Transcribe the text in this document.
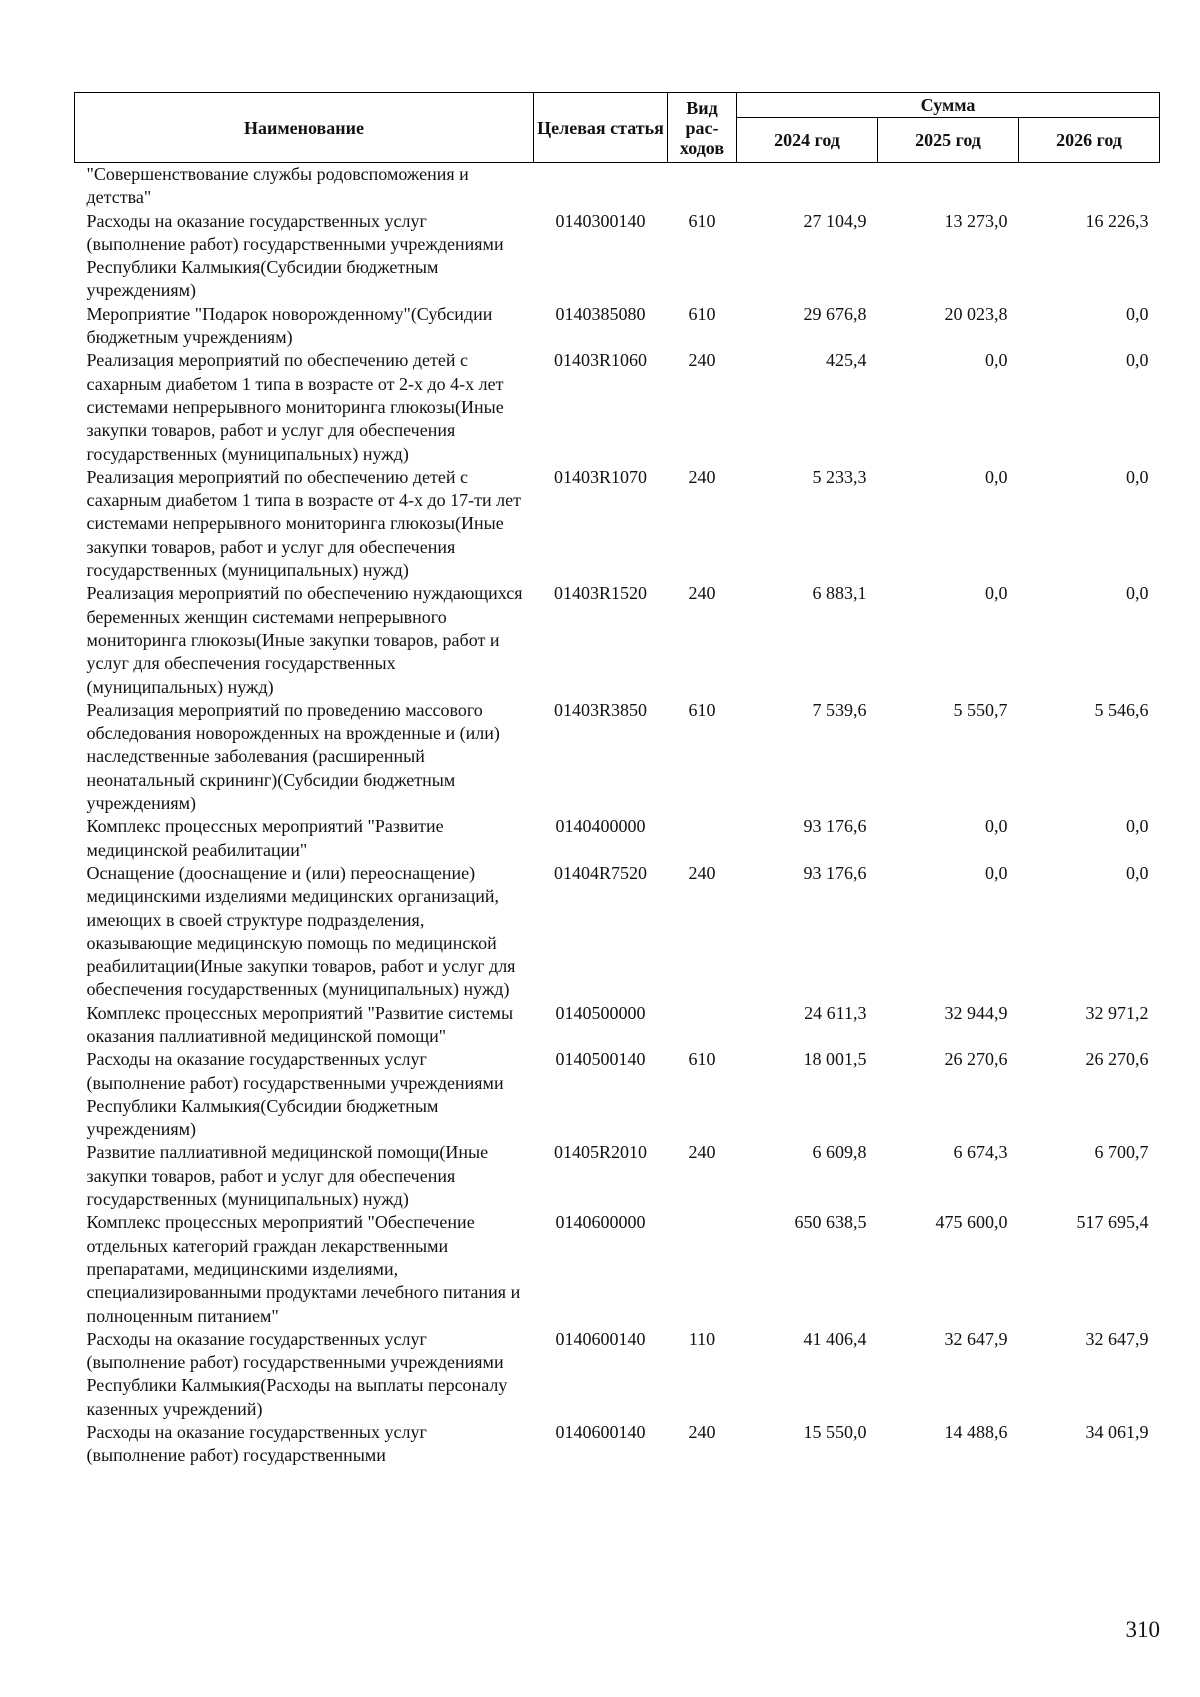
Наименование	Целевая статья	Вид рас- ходов	Сумма		
			2024 год	2025 год	2026 год
"Совершенствование службы родовспоможения и детства"					
Расходы на оказание государственных услуг (выполнение работ) государственными учреждениями Республики Калмыкия(Субсидии бюджетным учреждениям)	0140300140	610	27 104,9	13 273,0	16 226,3
Мероприятие "Подарок новорожденному"(Субсидии бюджетным учреждениям)	0140385080	610	29 676,8	20 023,8	0,0
Реализация мероприятий по обеспечению детей с сахарным диабетом 1 типа в возрасте от 2-х до 4-х лет системами непрерывного мониторинга глюкозы(Иные закупки товаров, работ и услуг для обеспечения государственных (муниципальных) нужд)	01403R1060	240	425,4	0,0	0,0
Реализация мероприятий по обеспечению детей с сахарным диабетом 1 типа в возрасте от 4-х до 17-ти лет системами непрерывного мониторинга глюкозы(Иные закупки товаров, работ и услуг для обеспечения государственных (муниципальных) нужд)	01403R1070	240	5 233,3	0,0	0,0
Реализация мероприятий по обеспечению нуждающихся беременных женщин системами непрерывного мониторинга глюкозы(Иные закупки товаров, работ и услуг для обеспечения государственных (муниципальных) нужд)	01403R1520	240	6 883,1	0,0	0,0
Реализация мероприятий по проведению массового обследования новорожденных на врожденные и (или) наследственные заболевания (расширенный неонатальный скрининг)(Субсидии бюджетным учреждениям)	01403R3850	610	7 539,6	5 550,7	5 546,6
Комплекс процессных мероприятий "Развитие медицинской реабилитации"	0140400000		93 176,6	0,0	0,0
Оснащение (дооснащение и (или) переоснащение) медицинскими изделиями медицинских организаций, имеющих в своей структуре подразделения, оказывающие медицинскую помощь по медицинской реабилитации(Иные закупки товаров, работ и услуг для обеспечения государственных (муниципальных) нужд)	01404R7520	240	93 176,6	0,0	0,0
Комплекс процессных мероприятий "Развитие системы оказания паллиативной медицинской помощи"	0140500000		24 611,3	32 944,9	32 971,2
Расходы на оказание государственных услуг (выполнение работ) государственными учреждениями Республики Калмыкия(Субсидии бюджетным учреждениям)	0140500140	610	18 001,5	26 270,6	26 270,6
Развитие паллиативной медицинской помощи(Иные закупки товаров, работ и услуг для обеспечения государственных (муниципальных) нужд)	01405R2010	240	6 609,8	6 674,3	6 700,7
Комплекс процессных мероприятий "Обеспечение отдельных категорий граждан лекарственными препаратами, медицинскими изделиями, специализированными продуктами лечебного питания и полноценным питанием"	0140600000		650 638,5	475 600,0	517 695,4
Расходы на оказание государственных услуг (выполнение работ) государственными учреждениями Республики Калмыкия(Расходы на выплаты персоналу казенных учреждений)	0140600140	110	41 406,4	32 647,9	32 647,9
Расходы на оказание государственных услуг (выполнение работ) государственными	0140600140	240	15 550,0	14 488,6	34 061,9
310
